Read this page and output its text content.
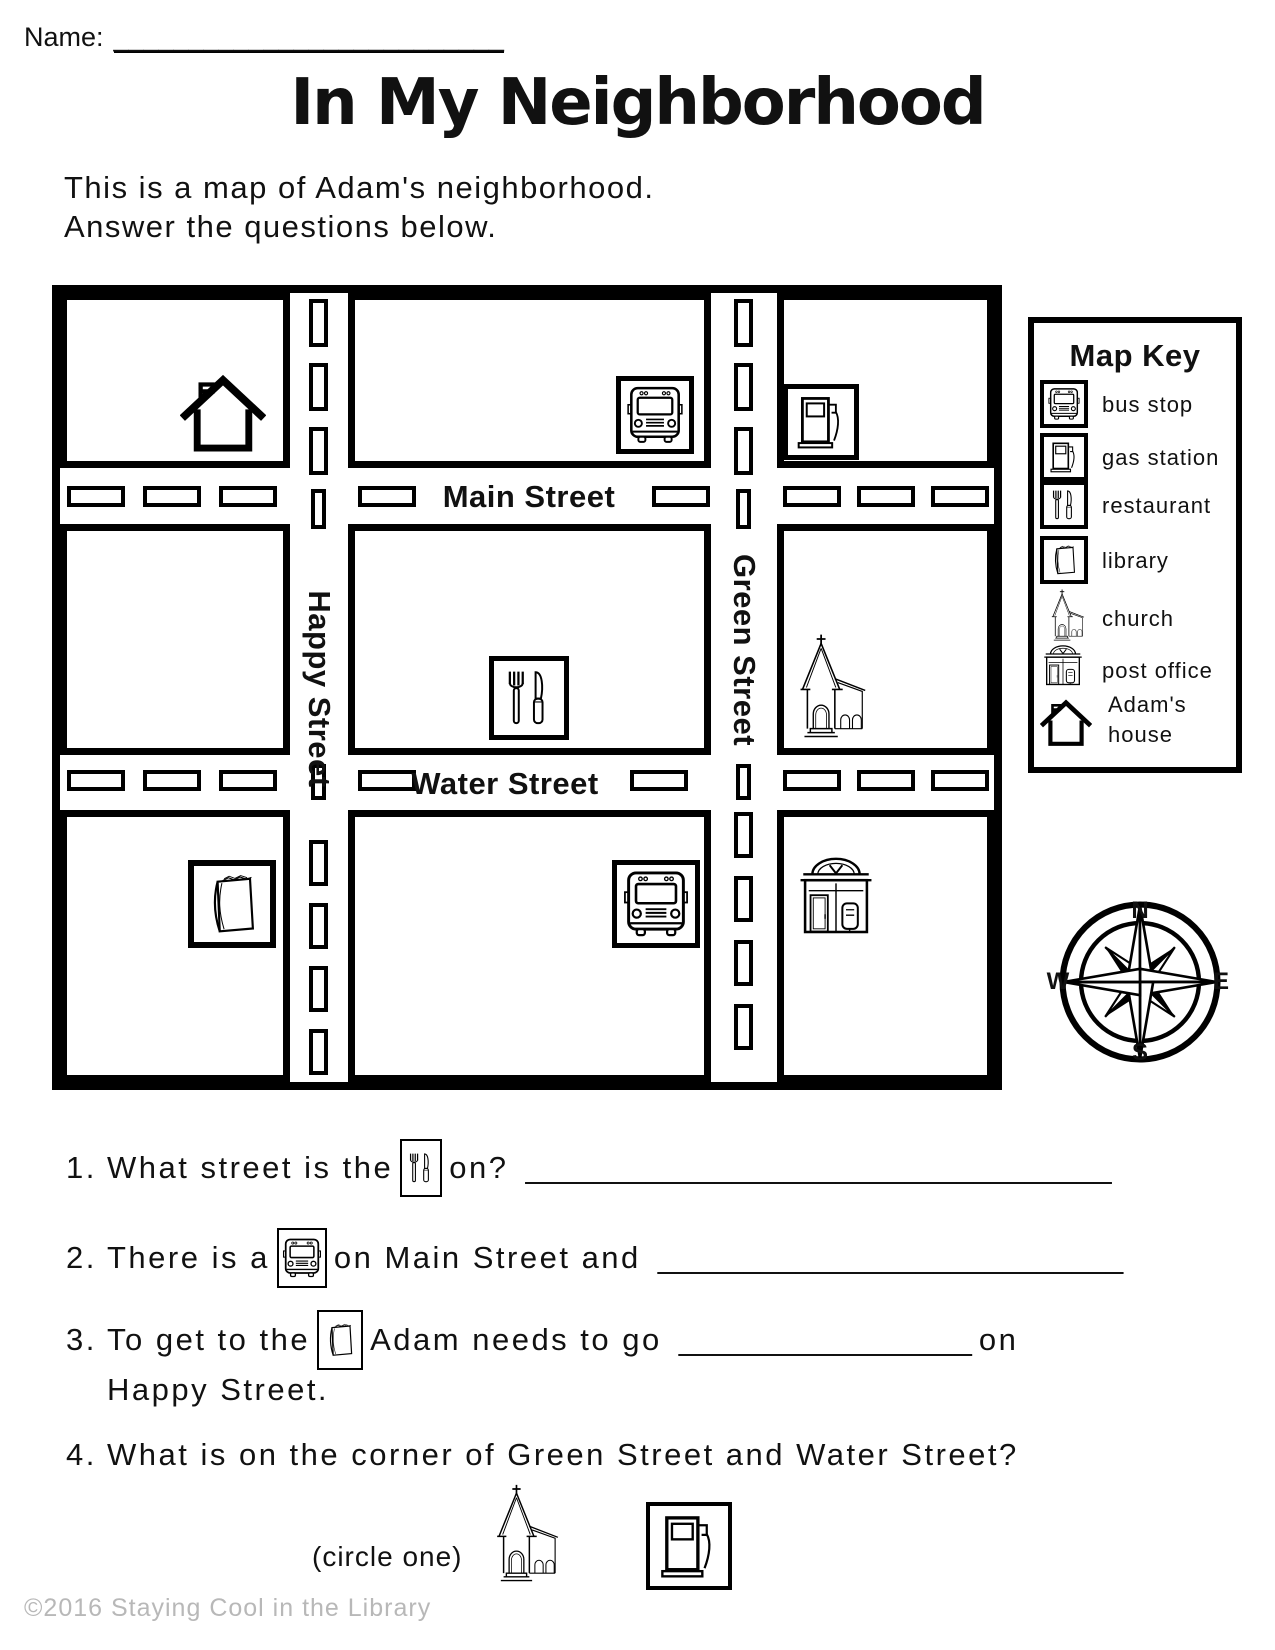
Name: __________________________
In My Neighborhood
This is a map of Adam's neighborhood.
Answer the questions below.
Main Street
Water Street
Happy Street	Green Street
Map Key
bus stop
gas station
restaurant
library
church
post office
Adam's
house
N
E
S
W
1. What street is the on? __________________________________
2. There is a on Main Street and ___________________________
3. To get to the Adam needs to go _________________ on
Happy Street.
4. What is on the corner of Green Street and Water Street?
(circle one)
©2016 Staying Cool in the Library
